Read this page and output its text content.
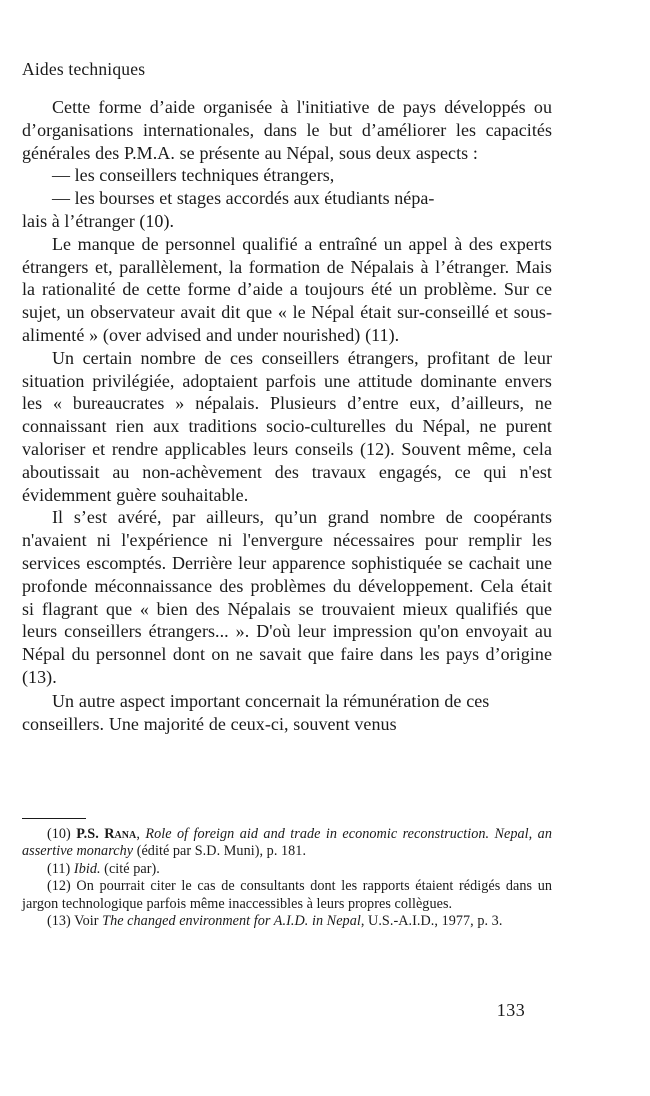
Aides techniques

Cette forme d’aide organisée à l'initiative de pays développés ou d’organisations internationales, dans le but d’améliorer les capacités générales des P.M.A. se présente au Népal, sous deux aspects :

— les conseillers techniques étrangers,

— les bourses et stages accordés aux étudiants népa-

lais à l’étranger (10).

Le manque de personnel qualifié a entraîné un appel à des experts étrangers et, parallèlement, la formation de Népalais à l’étranger. Mais la rationalité de cette forme d’aide a toujours été un problème. Sur ce sujet, un observateur avait dit que « le Népal était sur-conseillé et sous-alimenté » (over advised and under nourished) (11).

Un certain nombre de ces conseillers étrangers, profitant de leur situation privilégiée, adoptaient parfois une attitude dominante envers les « bureaucrates » népalais. Plusieurs d’entre eux, d’ailleurs, ne connaissant rien aux traditions socio-culturelles du Népal, ne purent valoriser et rendre applicables leurs conseils (12). Souvent même, cela aboutissait au non-achèvement des travaux engagés, ce qui n'est évidemment guère souhaitable.

Il s’est avéré, par ailleurs, qu’un grand nombre de coopérants n'avaient ni l'expérience ni l'envergure nécessaires pour remplir les services escomptés. Derrière leur apparence sophistiquée se cachait une profonde méconnaissance des problèmes du développement. Cela était si flagrant que « bien des Népalais se trouvaient mieux qualifiés que leurs conseillers étrangers... ». D'où leur impression qu'on envoyait au Népal du personnel dont on ne savait que faire dans les pays d’origine (13).

Un autre aspect important concernait la rémunération de ces conseillers. Une majorité de ceux-ci, souvent venus

(10) P.S. Rana, Role of foreign aid and trade in economic reconstruction. Nepal, an assertive monarchy (édité par S.D. Muni), p. 181.

(11) Ibid. (cité par).

(12) On pourrait citer le cas de consultants dont les rapports étaient rédigés dans un jargon technologique parfois même inaccessibles à leurs propres collègues.

(13) Voir The changed environment for A.I.D. in Nepal, U.S.-A.I.D., 1977, p. 3.

133
